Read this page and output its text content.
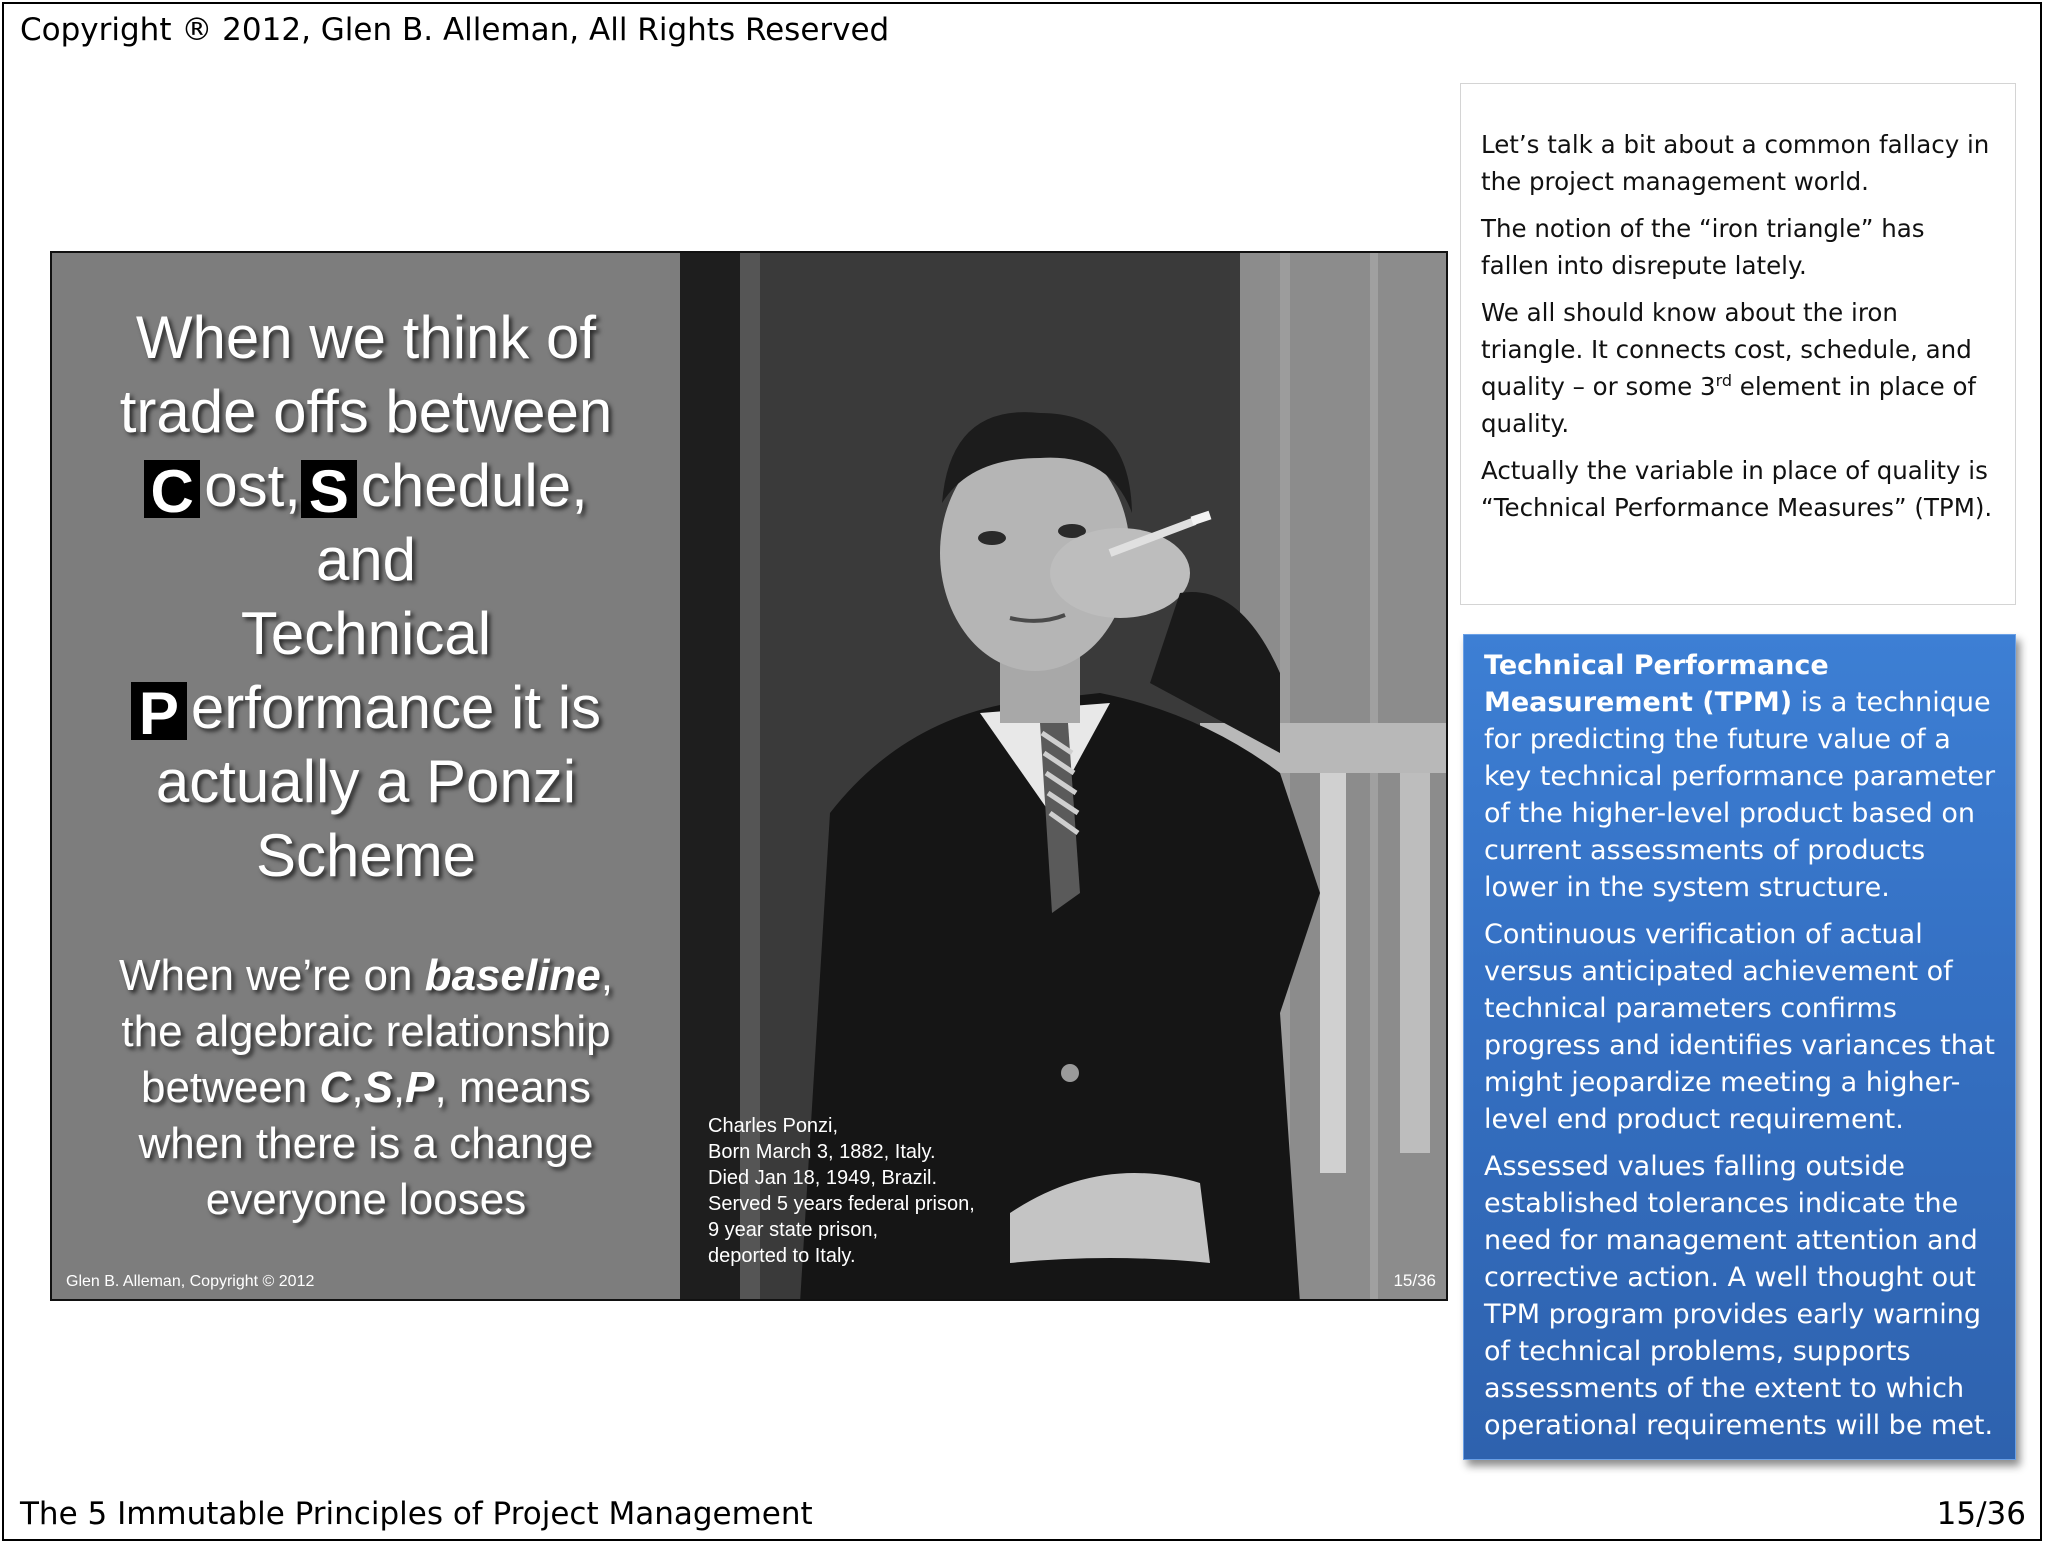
Copyright ® 2012, Glen B. Alleman, All Rights Reserved
When we think of
trade offs between
C ost, S chedule,
and
Technical
P erformance it is
actually a Ponzi
Scheme
When we’re on baseline,
the algebraic relationship
between C,S,P, means
when there is a change
everyone looses
Glen B. Alleman, Copyright © 2012
Charles Ponzi,
Born March 3, 1882, Italy.
Died Jan 18, 1949, Brazil.
Served 5 years federal prison,
9 year state prison,
deported to Italy.
15/36

Let’s talk a bit about a common fallacy in the project management world.

The notion of the “iron triangle” has fallen into disrepute lately.

We all should know about the iron triangle. It connects cost, schedule, and quality – or some 3rd element in place of quality.

Actually the variable in place of quality is “Technical Performance Measures” (TPM).

Technical Performance Measurement (TPM) is a technique for predicting the future value of a key technical performance parameter of the higher-level product based on current assessments of products lower in the system structure.

Continuous verification of actual versus anticipated achievement of technical parameters confirms progress and identifies variances that might jeopardize meeting a higher-level end product requirement.

Assessed values falling outside established tolerances indicate the need for management attention and corrective action. A well thought out TPM program provides early warning of technical problems, supports assessments of the extent to which operational requirements will be met.

The 5 Immutable Principles of Project Management	15/36
